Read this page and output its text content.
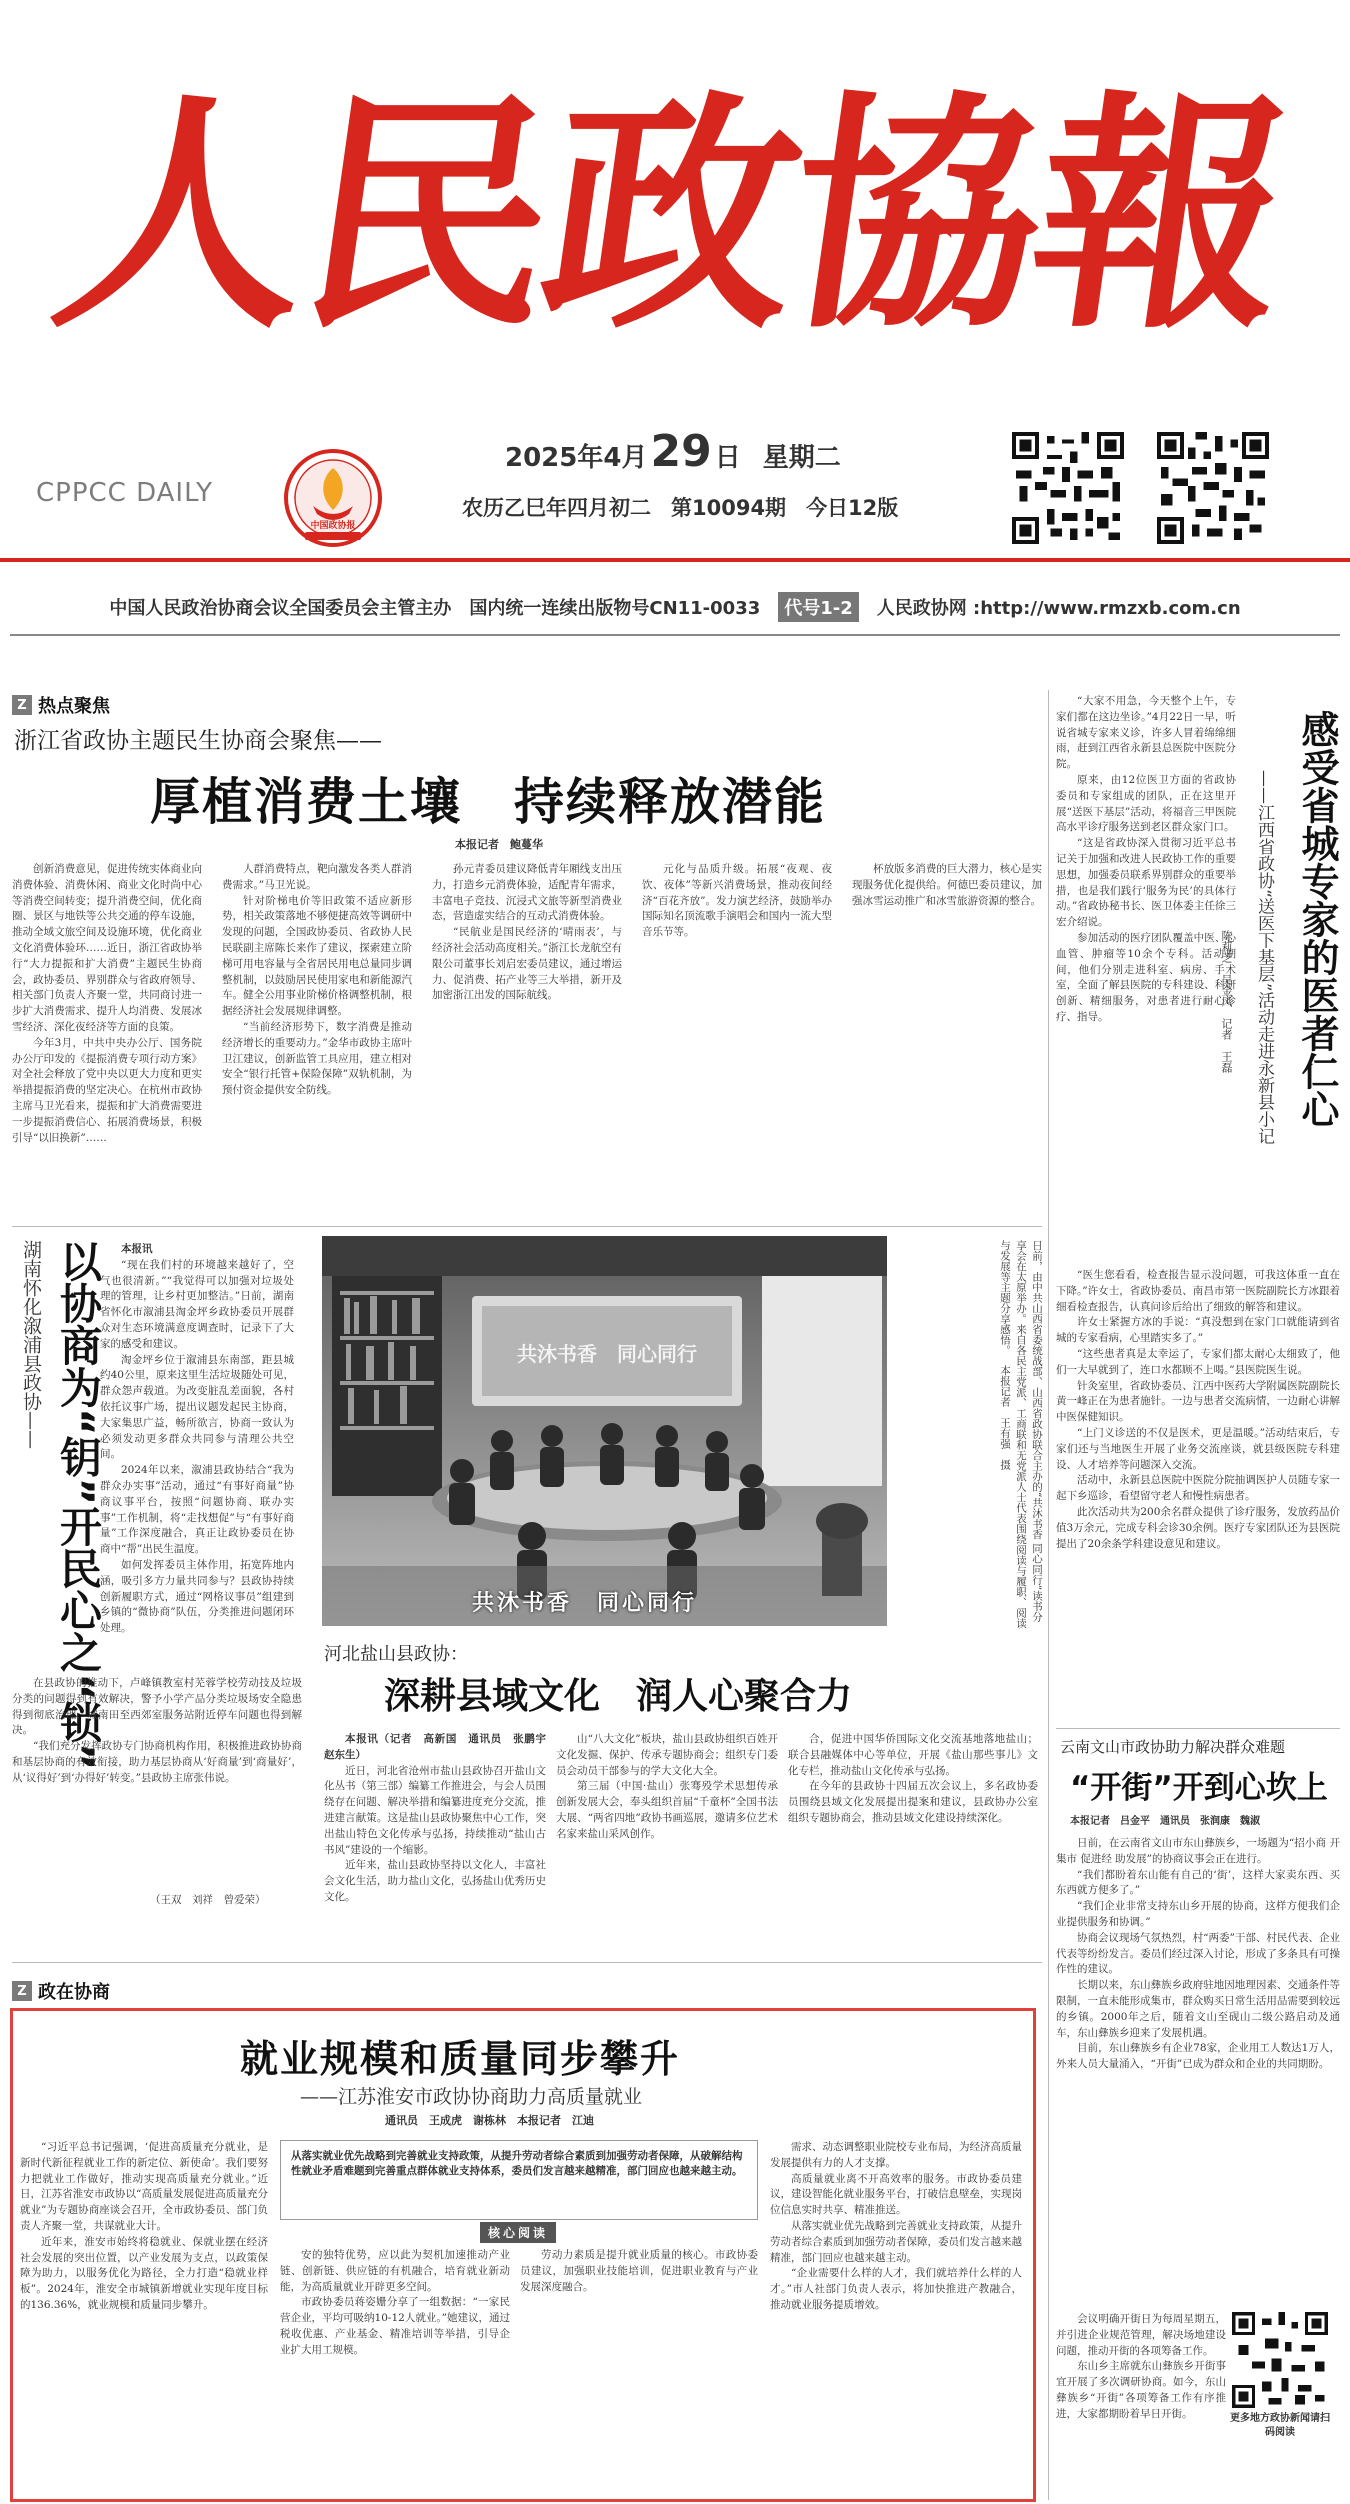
人民政協報
CPPCC DAILY
中国政协报
2025年4月 29 日 星期二
农历乙巳年四月初二 第10094期 今日12版
中国人民政治协商会议全国委员会主管主办 国内统一连续出版物号CN11-0033	代号1-2	人民政协网 :http://www.rmzxb.com.cn
Z 热点聚焦
浙江省政协主题民生协商会聚焦——
厚植消费土壤　持续释放潜能
本报记者　鲍蔓华

创新消费意见，促进传统实体商业向消费体验、消费休闲、商业文化时尚中心等消费空间转变；提升消费空间，优化商圈、景区与地铁等公共交通的停车设施，推动全域文旅空间及设施环境，优化商业文化消费体验环……近日，浙江省政协举行“大力提振和扩大消费”主题民生协商会，政协委员、界别群众与省政府领导、相关部门负责人齐聚一堂，共同商讨进一步扩大消费需求、提升人均消费、发展冰雪经济、深化夜经济等方面的良策。

今年3月，中共中央办公厅、国务院办公厅印发的《提振消费专项行动方案》对全社会释放了党中央以更大力度和更实举措提振消费的坚定决心。在杭州市政协主席马卫光看来，提振和扩大消费需要进一步提振消费信心、拓展消费场景，积极引导“以旧换新”……

人群消费特点，靶向激发各类人群消费需求。”马卫光说。

针对阶梯电价等旧政策不适应新形势，相关政策落地不够便捷高效等调研中发现的问题，全国政协委员、省政协人民民联副主席陈长来作了建议，探索建立阶梯可用电容量与全省居民用电总量同步调整机制，以鼓励居民使用家电和新能源汽车。健全公用事业阶梯价格调整机制，根据经济社会发展规律调整。

“当前经济形势下，数字消费是推动经济增长的重要动力。”金华市政协主席叶卫江建议，创新监管工具应用，建立相对安全“银行托管+保险保障”双轨机制，为预付资金提供安全防线。

孙元青委员建议降低青年厢线支出压力，打造乡元消费体验，适配青年需求，丰富电子竞技、沉浸式文旅等新型消费业态，营造虚实结合的互动式消费体验。

“民航业是国民经济的‘晴雨表’，与经济社会活动高度相关。”浙江长龙航空有限公司董事长刘启宏委员建议，通过增运力、促消费、拓产业等三大举措，新开及加密浙江出发的国际航线。

元化与品质升级。拓展“夜观、夜饮、夜体”等新兴消费场景，推动夜间经济“百花齐放”。发力演艺经济，鼓励举办国际知名顶流歌手演唱会和国内一流大型音乐节等。

杯放版多消费的巨大潜力，核心是实现服务优化提供给。何德巴委员建议，加强冰雪运动推广和冰雪旅游资源的整合。

湖南怀化溆浦县政协—— 以协商为“钥”开民心之“锁”	本报讯

“现在我们村的环境越来越好了，空气也很清新。”“我觉得可以加强对垃圾处理的管理，让乡村更加整洁。”日前，湖南省怀化市溆浦县淘金坪乡政协委员开展群众对生态环境满意度调查时，记录下了大家的感受和建议。

淘金坪乡位于溆浦县东南部，距县城约40公里，原来这里生活垃圾随处可见，群众怨声载道。为改变脏乱差面貌，各村依托议事广场，提出议题发起民主协商，大家集思广益，畅所欲言，协商一致认为必须发动更多群众共同参与清理公共空间。

2024年以来，溆浦县政协结合“我为群众办实事”活动，通过“有事好商量”协商议事平台，按照“问题协商、联办实事”工作机制，将“走找想促”与“有事好商量”工作深度融合，真正让政协委员在协商中“帮”出民生温度。

如何发挥委员主体作用，拓宽阵地内涵，吸引多方力量共同参与？县政协持续创新履职方式，通过“网格议事员”组建到乡镇的“微协商”队伍，分类推进问题闭环处理。

在县政协的推动下，卢峰镇教室村芜蓉学校劳动技及垃圾分类的问题得到有效解决，警予小学产品分类垃圾场安全隐患得到彻底治理，城南田至西郊室服务站附近停车问题也得到解决。

“我们充分发挥政协专门协商机构作用，积极推进政协协商和基层协商的有效衔接，助力基层协商从‘好商量’到‘商量好’，从‘议得好’到‘办得好’转变。”县政协主席张伟说。

（王双　刘祥　曾爱荣）
共沐书香　同心同行
共沐书香　同心同行	日前，由中共山西省委统战部、山西省政协联合主办的“共沐书香 同心同行”读书分享会在太原举办。来自各民主党派、工商联和无党派人士代表围绕阅读与履职、阅读与发展等主题分享感悟。 本报记者　王有强　摄
河北盐山县政协：
深耕县域文化　润人心聚合力

本报讯（记者　高新国　通讯员　张鹏宇　赵东生）

近日，河北省沧州市盐山县政协召开盐山文化丛书（第三部）编纂工作推进会，与会人员围绕存在问题、解决举措和编纂进度充分交流，推进建言献策。这是盐山县政协聚焦中心工作，突出盐山特色文化传承与弘扬，持续推动“盐山古书风”建设的一个缩影。

近年来，盐山县政协坚持以文化人，丰富社会文化生活，助力盐山文化，弘扬盐山优秀历史文化。

山“八大文化”板块，盐山县政协组织百姓开文化发掘、保护、传承专题协商会；组织专门委员会动员干部参与的学大文化大全。

第三届（中国·盐山）张骞殁学术思想传承创新发展大会，奉头组织首届“千童杯”全国书法大展、“两省四地”政协书画巡展，邀请多位艺术名家来盐山采风创作。

合，促进中国华侨国际文化交流基地落地盐山；联合县融媒体中心等单位，开展《盐山那些事儿》文化专栏，推动盐山文化传承与弘扬。

在今年的县政协十四届五次会议上，多名政协委员围绕县域文化发展提出提案和建议，县政协办公室组织专题协商会，推动县域文化建设持续深化。

“大家不用急，今天整个上午，专家们都在这边坐诊。”4月22日一早，听说省城专家来义诊，许多人冒着绵绵细雨，赶到江西省永新县总医院中医院分院。

原来，由12位医卫方面的省政协委员和专家组成的团队，正在这里开展“送医下基层”活动，将福音三甲医院高水平诊疗服务送到老区群众家门口。

“这是省政协深入贯彻习近平总书记关于加强和改进人民政协工作的重要思想，加强委员联系界别群众的重要举措，也是我们践行‘服务为民’的具体行动。”省政协秘书长、医卫体委主任徐三宏介绍说。

参加活动的医疗团队覆盖中医、心血管、肿瘤等10余个专科。活动期间，他们分别走进科室、病房、手术室，全面了解县医院的专科建设、科研创新、精细服务，对患者进行耐心诊疗、指导。	感受省城专家的医者仁心
——江西省政协“送医下基层”活动走进永新县小记
陈莉芝　吴金风　记者　王磊

“医生您看看，检查报告显示没问题，可我这体重一直在下降。”许女士，省政协委员、南昌市第一医院副院长方冰跟着细看检查报告，认真问诊后给出了细致的解答和建议。

许女士紧握方冰的手说：“真没想到在家门口就能请到省城的专家看病，心里踏实多了。”

“这些患者真是太幸运了，专家们都太耐心太细致了，他们一大早就到了，连口水都顾不上喝。”县医院医生说。

针灸室里，省政协委员、江西中医药大学附属医院副院长黄一峰正在为患者施针。一边与患者交流病情，一边耐心讲解中医保健知识。

“上门义诊送的不仅是医术，更是温暖。”活动结束后，专家们还与当地医生开展了业务交流座谈，就县级医院专科建设、人才培养等问题深入交流。

活动中，永新县总医院中医院分院抽调医护人员随专家一起下乡巡诊，看望留守老人和慢性病患者。

此次活动共为200余名群众提供了诊疗服务，发放药品价值3万余元，完成专科会诊30余例。医疗专家团队还为县医院提出了20余条学科建设意见和建议。

云南文山市政协助力解决群众难题
“开街”开到心坎上
本报记者　吕金平　通讯员　张润康　魏淑

日前，在云南省文山市东山彝族乡，一场题为“招小商 开集市 促进经 助发展”的协商议事会正在进行。

“我们都盼着东山能有自己的‘街’，这样大家卖东西、买东西就方便多了。”

“我们企业非常支持东山乡开展的协商，这样方便我们企业提供服务和协调。”

协商会议现场气氛热烈，村“两委”干部、村民代表、企业代表等纷纷发言。委员们经过深入讨论，形成了多条具有可操作性的建议。

长期以来，东山彝族乡政府驻地因地理因素、交通条件等限制，一直未能形成集市，群众购买日常生活用品需要到较远的乡镇。2000年之后，随着文山至砚山二级公路启动及通车，东山彝族乡迎来了发展机遇。

目前，东山彝族乡有企业78家，企业用工人数达1万人，外来人员大量涌入，“开街”已成为群众和企业的共同期盼。

会议明确开街日为每周星期五，并引进企业规范管理，解决场地建设问题，推动开街的各项筹备工作。

东山乡主席就东山彝族乡开街事宜开展了多次调研协商。如今，东山彝族乡“开街”各项筹备工作有序推进，大家都期盼着早日开街。	更多地方政协新闻请扫码阅读
Z 政在协商
就业规模和质量同步攀升
——江苏淮安市政协协商助力高质量就业
通讯员　王成虎　谢栋林　本报记者　江迪
从落实就业优先战略到完善就业支持政策，从提升劳动者综合素质到加强劳动者保障，从破解结构性就业矛盾难题到完善重点群体就业支持体系，委员们发言越来越精准，部门回应也越来越主动。
核心阅读

“习近平总书记强调，‘促进高质量充分就业，是新时代新征程就业工作的新定位、新使命’。我们要努力把就业工作做好，推动实现高质量充分就业。”近日，江苏省淮安市政协以“高质量发展促进高质量充分就业”为专题协商座谈会召开，全市政协委员、部门负责人齐聚一堂，共谋就业大计。

近年来，淮安市始终将稳就业、保就业摆在经济社会发展的突出位置，以产业发展为支点，以政策保障为助力，以服务优化为路径，全力打造“稳就业样板”。2024年，淮安全市城镇新增就业实现年度目标的136.36%，就业规模和质量同步攀升。

安的独特优势，应以此为契机加速推动产业链、创新链、供应链的有机融合，培育就业新动能，为高质量就业开辟更多空间。

市政协委员蒋姿姗分享了一组数据：“一家民营企业，平均可吸纳10-12人就业。”她建议，通过税收优惠、产业基金、精准培训等举措，引导企业扩大用工规模。

劳动力素质是提升就业质量的核心。市政协委员建议，加强职业技能培训，促进职业教育与产业发展深度融合。

需求、动态调整职业院校专业布局，为经济高质量发展提供有力的人才支撑。

高质量就业离不开高效率的服务。市政协委员建议，建设智能化就业服务平台，打破信息壁垒，实现岗位信息实时共享、精准推送。

从落实就业优先战略到完善就业支持政策，从提升劳动者综合素质到加强劳动者保障，委员们发言越来越精准，部门回应也越来越主动。

“企业需要什么样的人才，我们就培养什么样的人才。”市人社部门负责人表示，将加快推进产教融合，推动就业服务提质增效。
